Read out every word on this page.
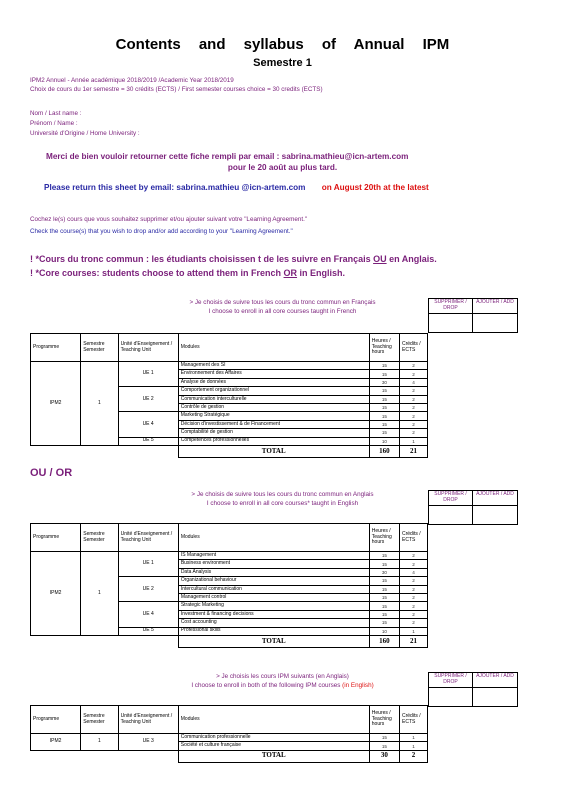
Contents and syllabus of Annual IPM
Semestre 1
IPM2 Annuel - Année académique 2018/2019 /Academic Year 2018/2019
Choix de cours du 1er semestre = 30 crédits (ECTS) / First semester courses choice = 30 credits (ECTS)
Nom / Last name :
Prénom / Name :
Université d'Origine / Home University :
Merci de bien vouloir retourner cette fiche rempli par email : sabrina.mathieu@icn-artem.com
pour le 20 août au plus tard.
Please return this sheet by email: sabrina.mathieu @icn-artem.com on August 20th at the latest
Cochez le(s) cours que vous souhaitez supprimer et/ou ajouter suivant votre "Learning Agreement."
Check the course(s) that you wish to drop and/or add according to your "Learning Agreement."
! *Cours du tronc commun : les étudiants choisissen t de les suivre en Français OU en Anglais.
! *Core courses: students choose to attend them in French OR in English.
> Je choisis de suivre tous les cours du tronc commun en Français
I choose to enroll in all core courses taught in French
SUPPRIMER / DROP
AJOUTER / ADD
Programme	Semestre Semester	Unité d'Enseignement / Teaching Unit	Modules	Heures / Teaching hours	Crédits / ECTS
IPM2	1	UE 1	Management des SI	15	2
			Environnement des Affaires	15	2
			Analyse de données	30	4
		UE 2	Comportement organizationnel	15	2
			Communication interculturelle	15	2
			Contrôle de gestion	15	2
		UE 4	Marketing Stratégique	15	2
			Décision d'investissement & de Financement	15	2
			Comptabilité de gestion	15	2
		UE 5	Compétences professionnelles	10	1
			TOTAL	160	21
OU / OR
> Je choisis de suivre tous les cours du tronc commun en Anglais
I choose to enroll in all core courses* taught in English
SUPPRIMER / DROP
AJOUTER / ADD
Programme	Semestre Semester	Unité d'Enseignement / Teaching Unit	Modules	Heures / Teaching hours	Crédits / ECTS
IPM2	1	UE 1	IS Management	15	2
			Business environment	15	2
			Data Analysis	30	4
		UE 2	Organizational behaviour	15	2
			Intercultural communication	15	2
			Management control	15	2
		UE 4	Strategic Marketing	15	2
			Investment & financing decisions	15	2
			Cost accounting	15	2
		UE 5	Professional skills	10	1
			TOTAL	160	21
> Je choisis les cours IPM suivants (en Anglais)
I choose to enroll in both of the following IPM courses (in English)
SUPPRIMER / DROP
AJOUTER / ADD
Programme	Semestre Semester	Unité d'Enseignement / Teaching Unit	Modules	Heures / Teaching hours	Crédits / ECTS
IPM2	1	UE 3	Communication professionnelle	15	1
			Société et culture française	15	1
			TOTAL	30	2
